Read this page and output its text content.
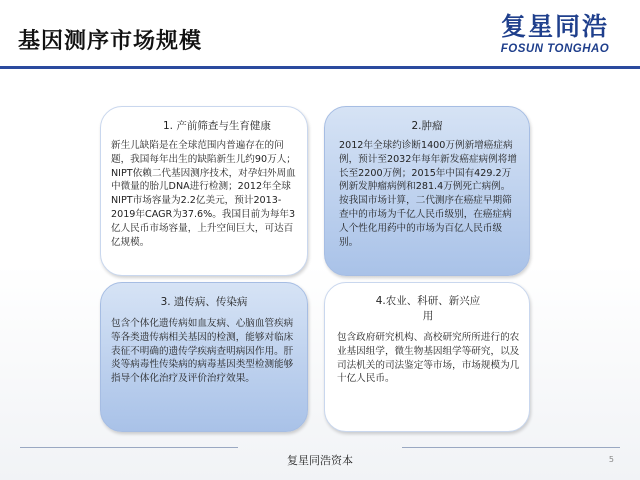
基因测序市场规模
复星同浩
FOSUN TONGHAO
1. 产前筛查与生育健康
新生儿缺陷是在全球范围内普遍存在的问题，我国每年出生的缺陷新生儿约90万人；NIPT依赖二代基因测序技术，对孕妇外周血中微量的胎儿DNA进行检测；2012年全球NIPT市场容量为2.2亿美元，预计2013-2019年CAGR为37.6%。我国目前为每年3亿人民币市场容量，上升空间巨大，可达百亿规模。
2.肿瘤
2012年全球约诊断1400万例新增癌症病例，预计至2032年每年新发癌症病例将增长至2200万例；2015年中国有429.2万例新发肿瘤病例和281.4万例死亡病例。按我国市场计算，二代测序在癌症早期筛查中的市场为千亿人民币级别，在癌症病人个性化用药中的市场为百亿人民币级别。
3. 遗传病、传染病
包含个体化遗传病如血友病、心脑血管疾病等各类遗传病相关基因的检测，能够对临床表征不明确的遗传学疾病查明病因作用。肝炎等病毒性传染病的病毒基因类型检测能够指导个体化治疗及评价治疗效果。
4.农业、科研、新兴应用
包含政府研究机构、高校研究所所进行的农业基因组学，微生物基因组学等研究，以及司法机关的司法鉴定等市场，市场规模为几十亿人民币。
复星同浩资本	5
